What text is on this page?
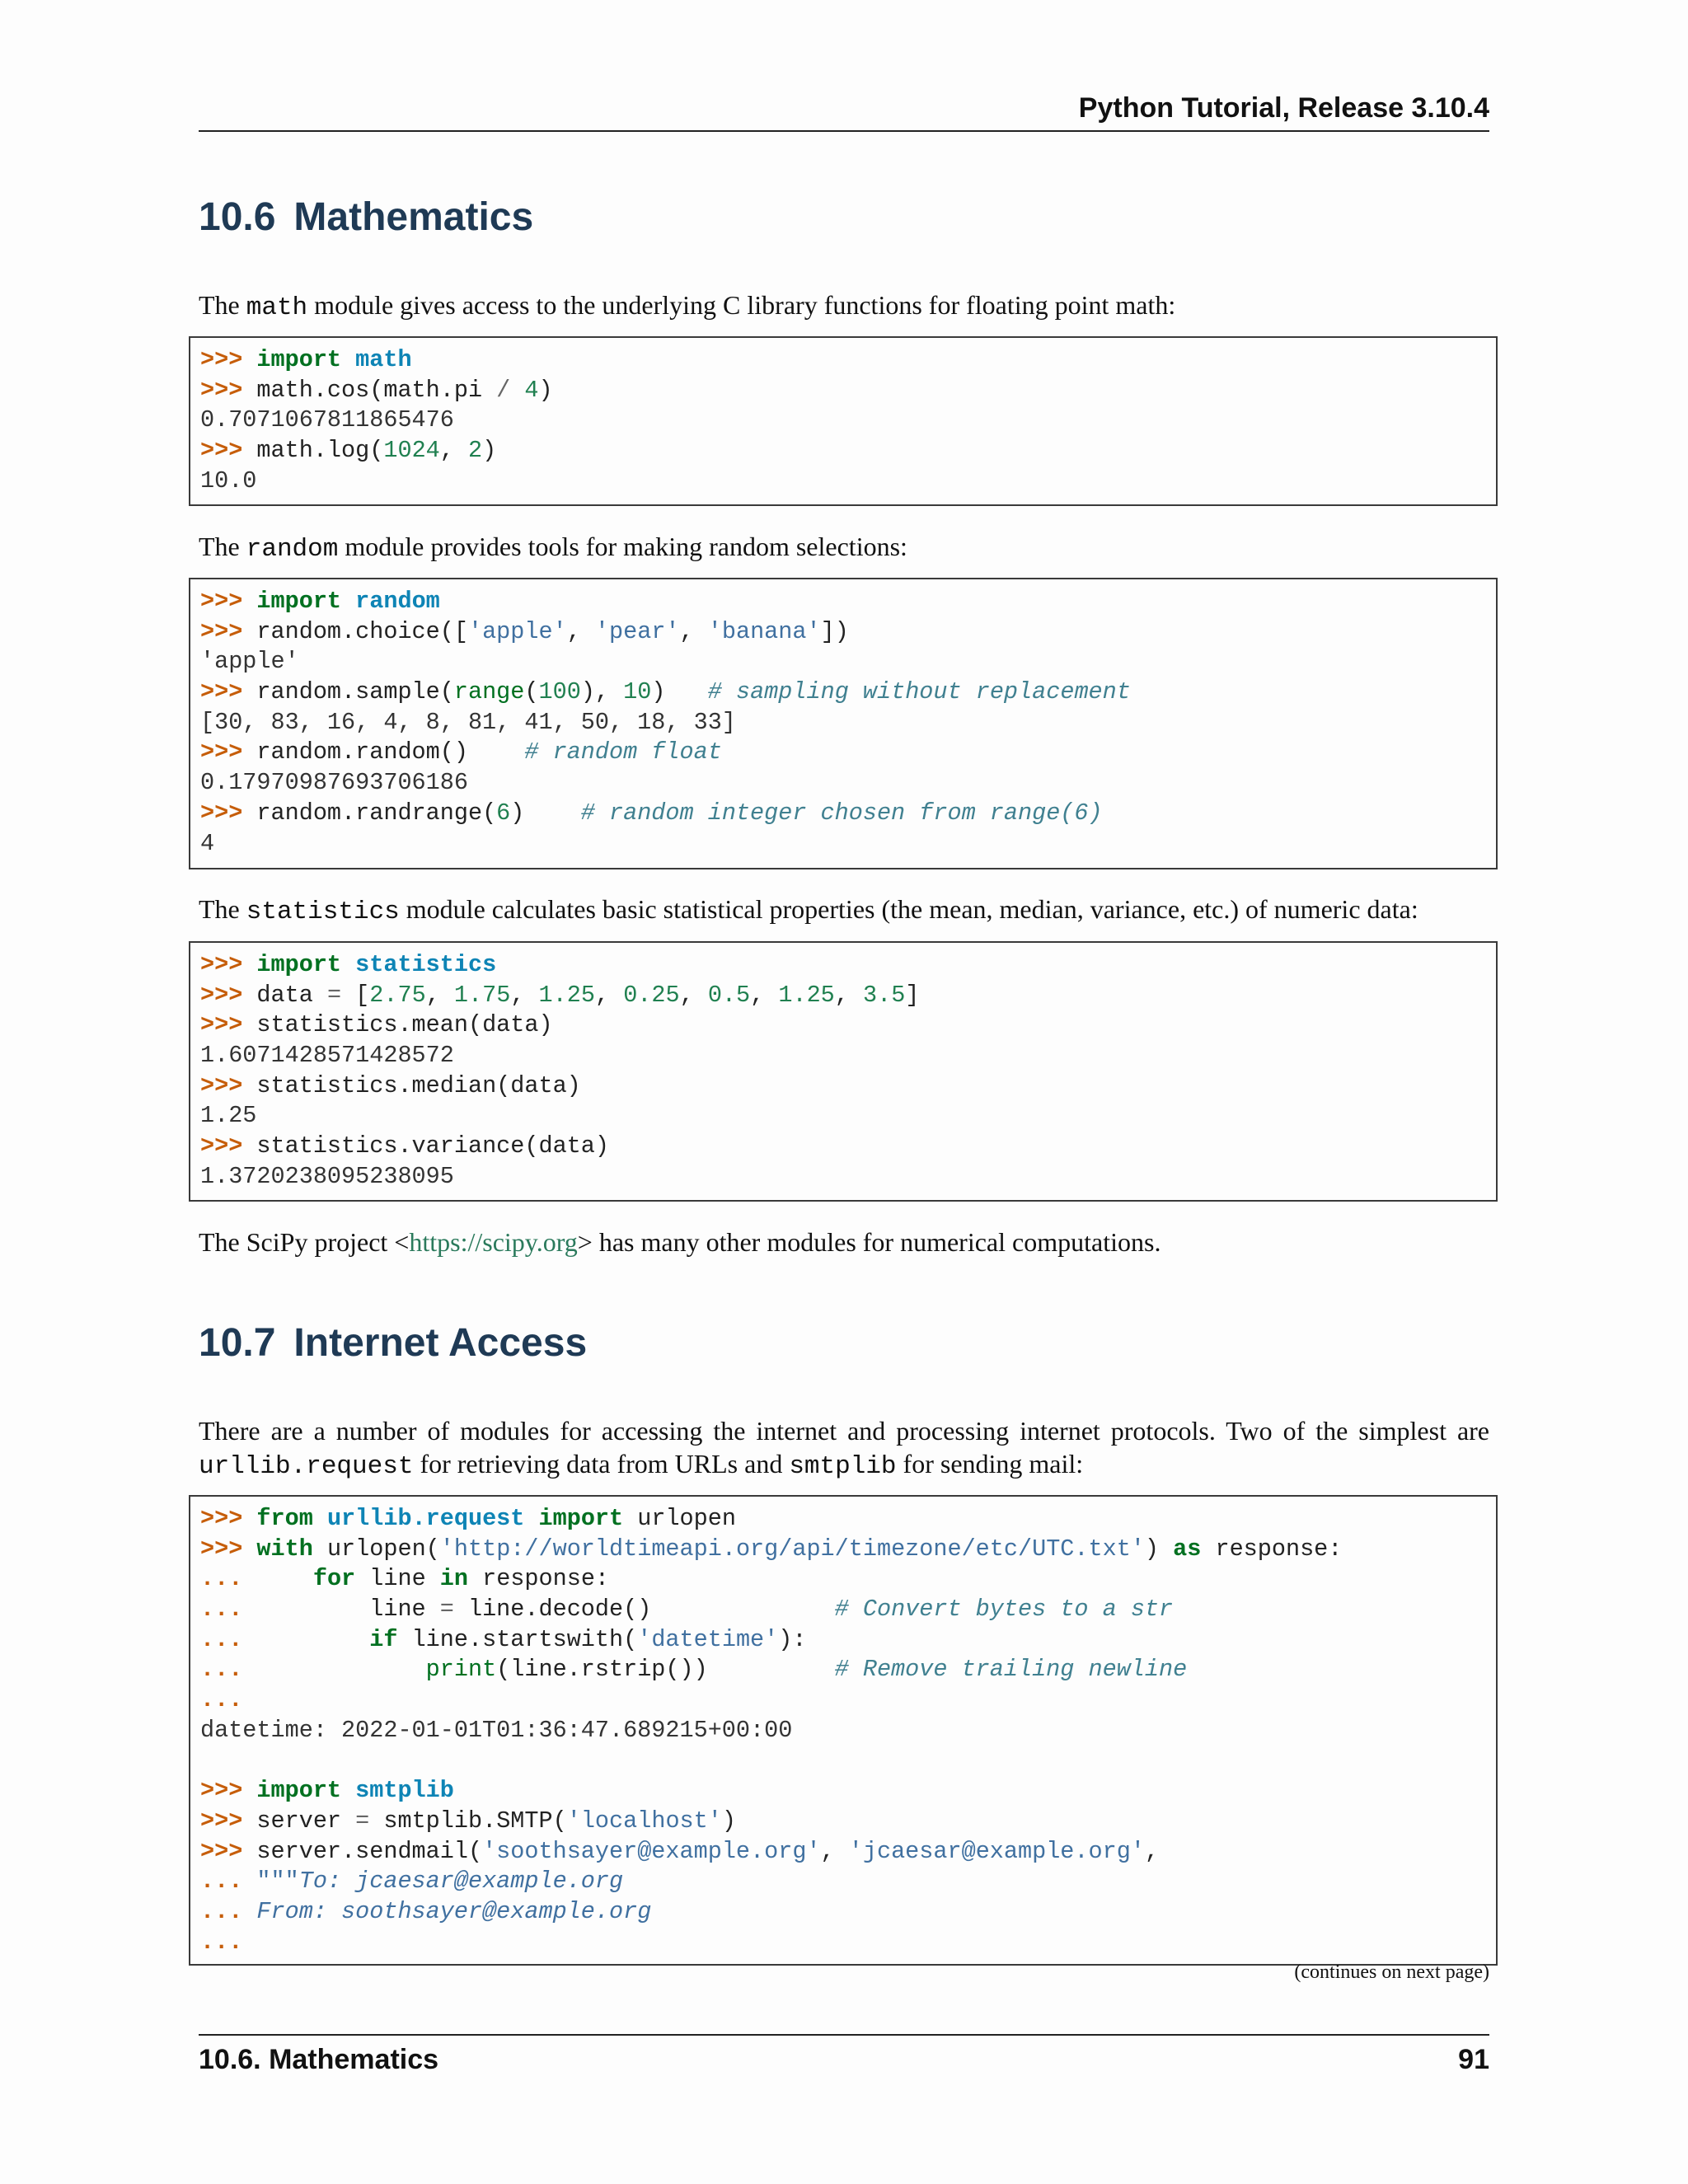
Python Tutorial, Release 3.10.4
10.6 Mathematics
The math module gives access to the underlying C library functions for floating point math:
>>> import math
>>> math.cos(math.pi / 4)
0.7071067811865476
>>> math.log(1024, 2)
10.0
The random module provides tools for making random selections:
>>> import random
>>> random.choice(['apple', 'pear', 'banana'])
'apple'
>>> random.sample(range(100), 10)   # sampling without replacement
[30, 83, 16, 4, 8, 81, 41, 50, 18, 33]
>>> random.random()    # random float
0.17970987693706186
>>> random.randrange(6)    # random integer chosen from range(6)
4
The statistics module calculates basic statistical properties (the mean, median, variance, etc.) of numeric data:
>>> import statistics
>>> data = [2.75, 1.75, 1.25, 0.25, 0.5, 1.25, 3.5]
>>> statistics.mean(data)
1.6071428571428572
>>> statistics.median(data)
1.25
>>> statistics.variance(data)
1.3720238095238095
The SciPy project <https://scipy.org> has many other modules for numerical computations.
10.7 Internet Access
There are a number of modules for accessing the internet and processing internet protocols. Two of the simplest are urllib.request for retrieving data from URLs and smtplib for sending mail:
>>> from urllib.request import urlopen
>>> with urlopen('http://worldtimeapi.org/api/timezone/etc/UTC.txt') as response:
...     for line in response:
...         line = line.decode()             # Convert bytes to a str
...	if line.startswith('datetime'):
...	print(line.rstrip())         # Remove trailing newline
...
datetime: 2022-01-01T01:36:47.689215+00:00
>>> import smtplib
>>> server = smtplib.SMTP('localhost')
>>> server.sendmail('soothsayer@example.org', 'jcaesar@example.org',
... """To: jcaesar@example.org
... From: soothsayer@example.org
...
(continues on next page)
10.6. Mathematics	91
